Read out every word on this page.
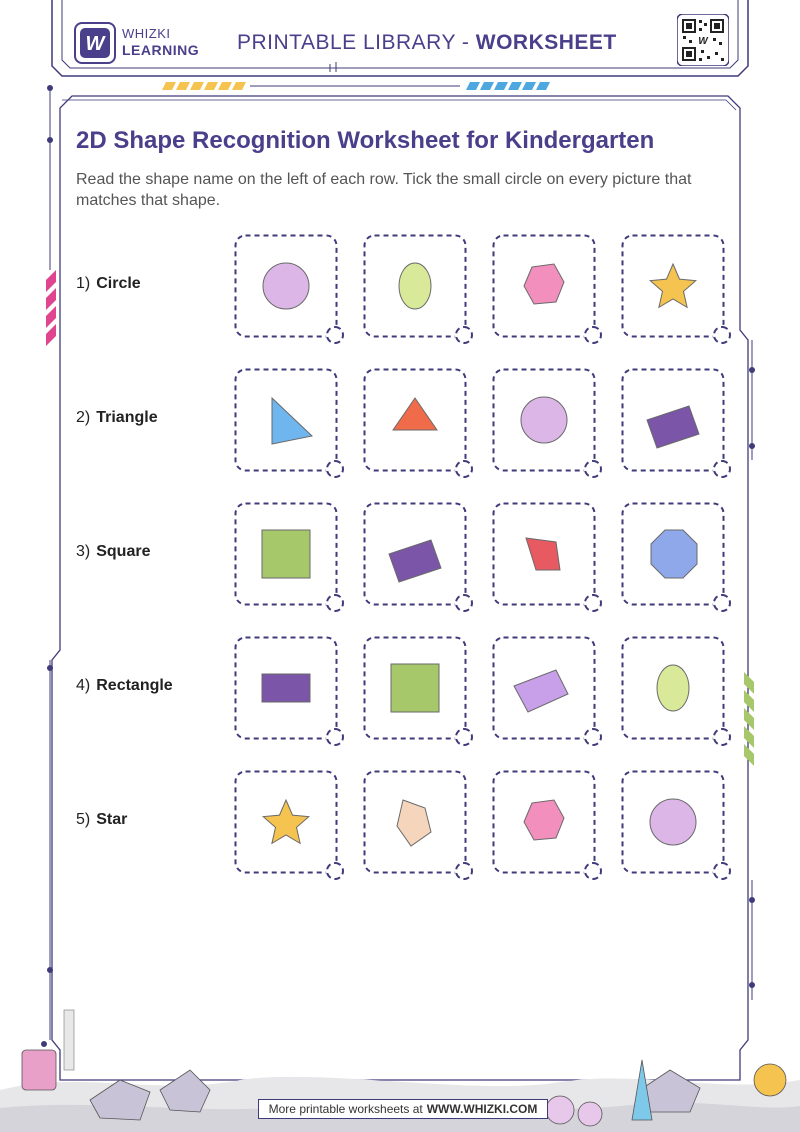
W WHIZKI
LEARNING PRINTABLE LIBRARY - WORKSHEET	W
2D Shape Recognition Worksheet for Kindergarten
Read the shape name on the left of each row. Tick the small circle on every picture that matches that shape.
1) Circle
2) Triangle
3) Square
4) Rectangle
5) Star
More printable worksheets at WWW.WHIZKI.COM
